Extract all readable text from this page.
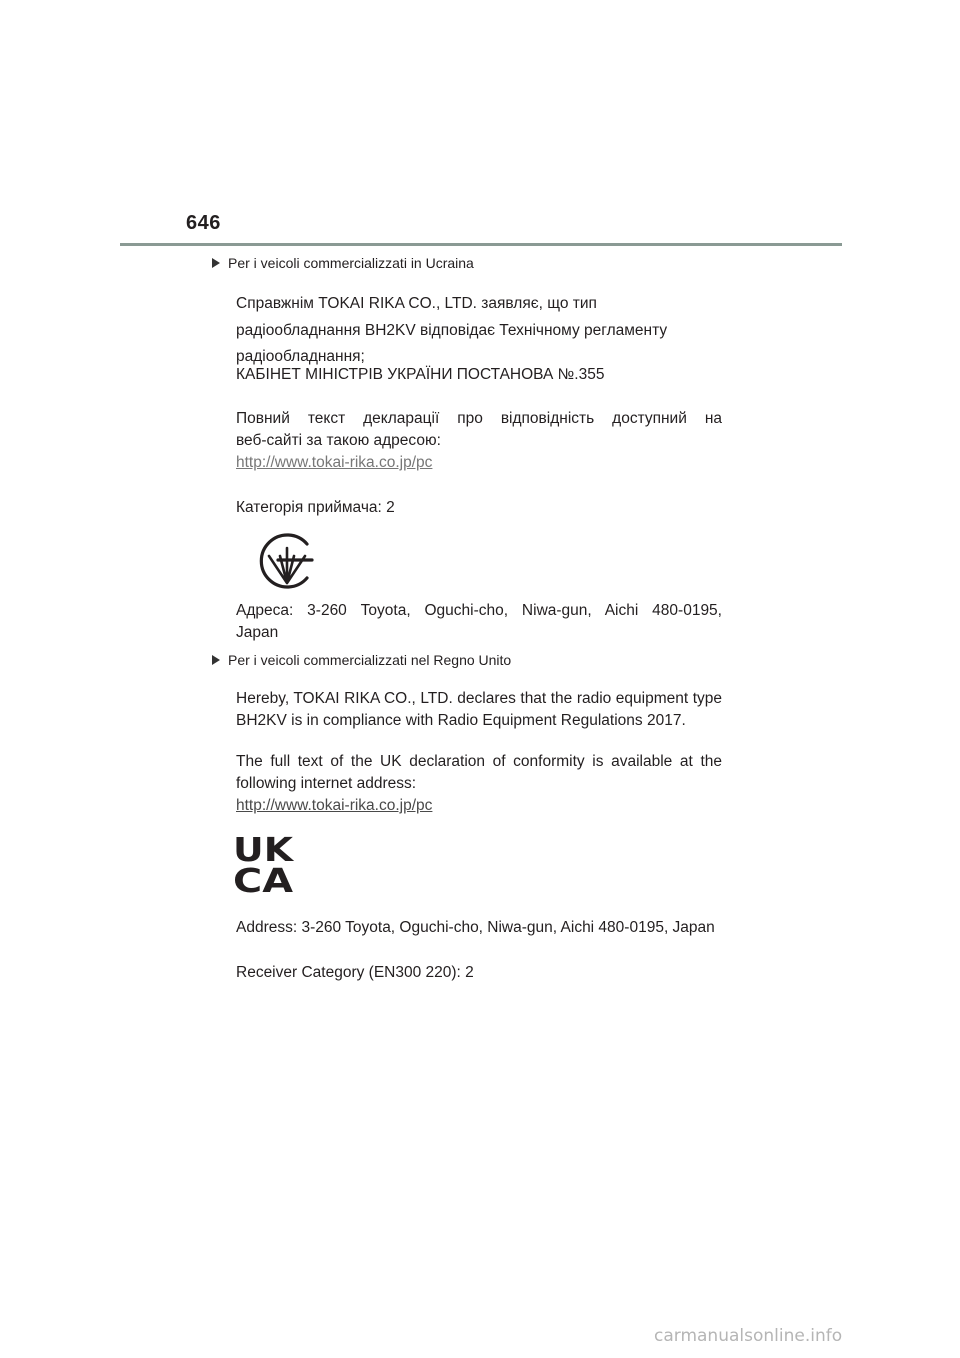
646
Per i veicoli commercializzati in Ucraina
Справжнім TOKAI RIKA CO., LTD. заявляє, що тип
радіообладнання BH2KV відповідає Технічному регламенту
радіообладнання;
КАБІНЕТ МІНІСТРІВ УКРАЇНИ ПОСТАНОВА №.355
Повний текст декларації про відповідність доступний на
веб-сайті за такою адресою:
http://www.tokai-rika.co.jp/pc
Категорія приймача: 2
Адреса: 3-260 Toyota, Oguchi-cho, Niwa-gun, Aichi 480-0195,
Japan
Per i veicoli commercializzati nel Regno Unito
Hereby, TOKAI RIKA CO., LTD. declares that the radio equipment type
BH2KV is in compliance with Radio Equipment Regulations 2017.
The full text of the UK declaration of conformity is available at the
following internet address:
http://www.tokai-rika.co.jp/pc
UK
CA
Address: 3-260 Toyota, Oguchi-cho, Niwa-gun, Aichi 480-0195, Japan
Receiver Category (EN300 220): 2
carmanualsonline.info
